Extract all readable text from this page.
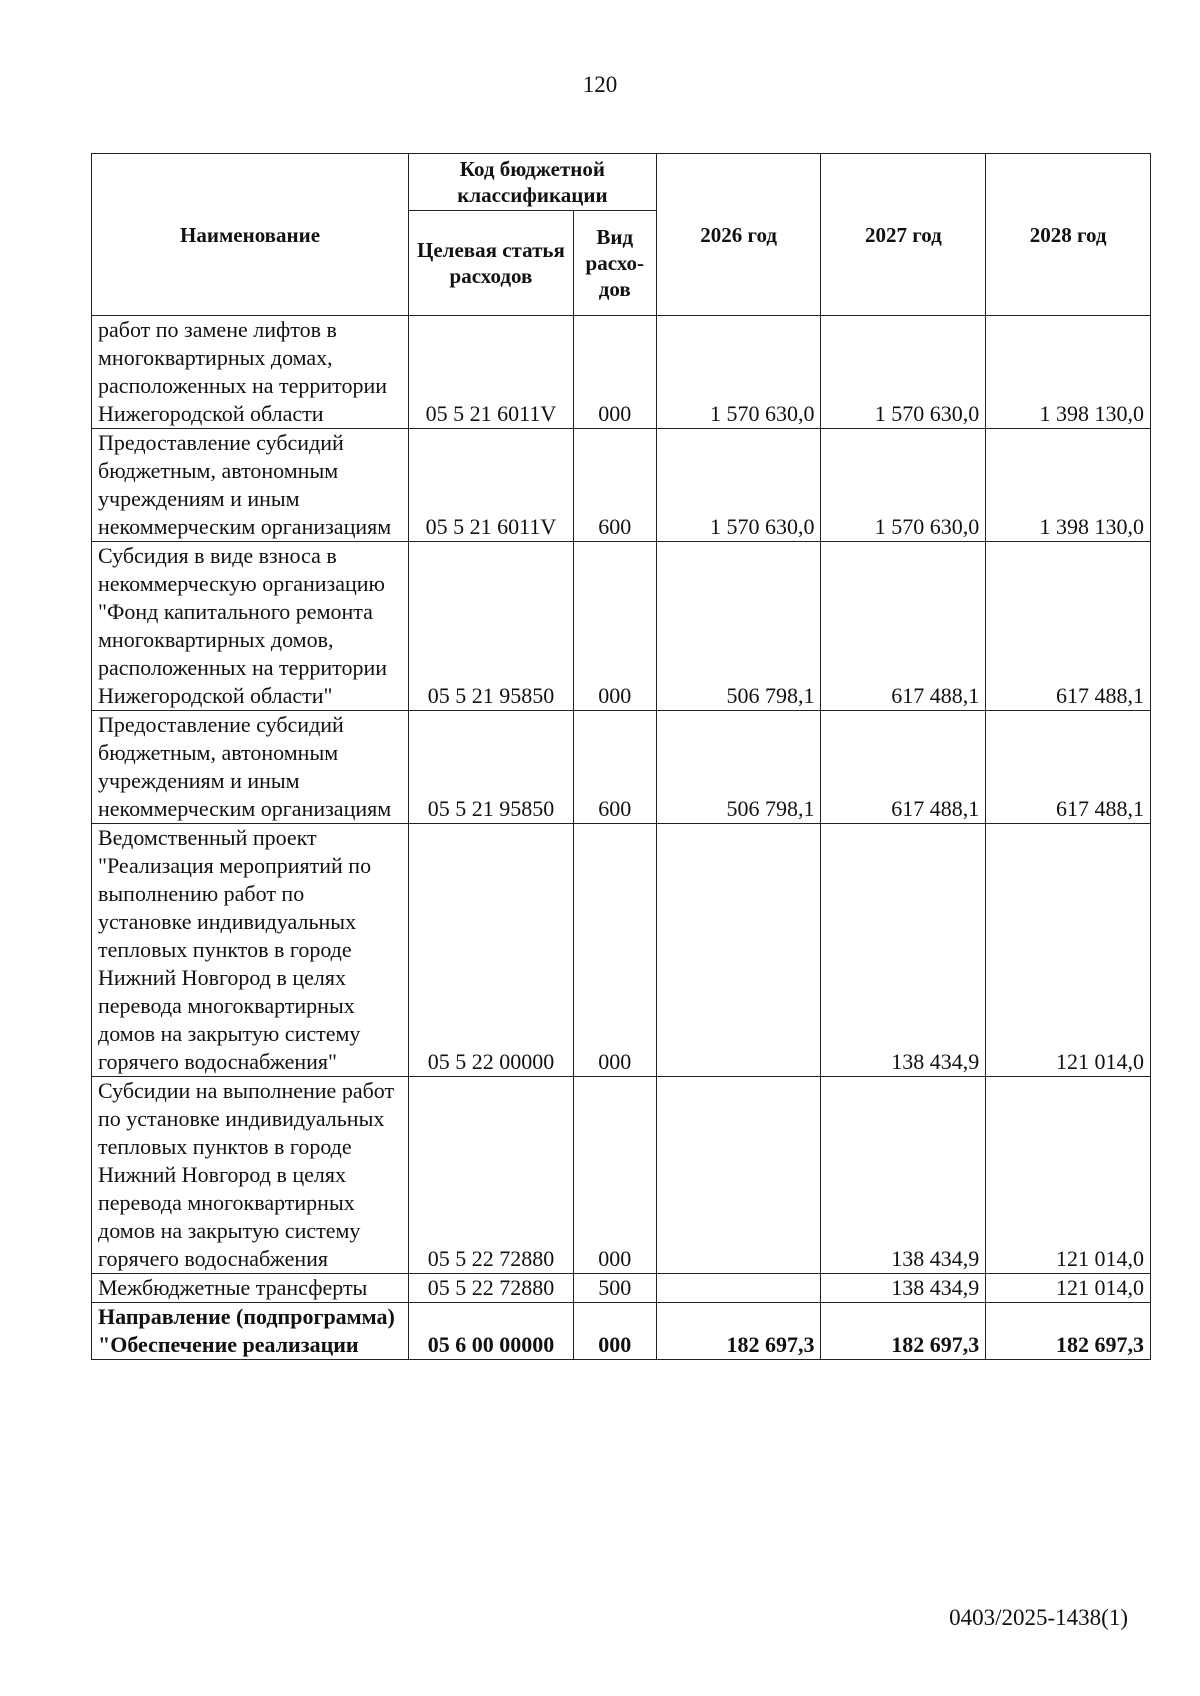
120
Наименование	Код бюджетной классификации		2026 год	2027 год	2028 год
	Целевая статья расходов	Вид расхо-дов			
работ по замене лифтов в многоквартирных домах, расположенных на территории Нижегородской области	05 5 21 6011V	000	1 570 630,0	1 570 630,0	1 398 130,0
Предоставление субсидий бюджетным, автономным учреждениям и иным некоммерческим организациям	05 5 21 6011V	600	1 570 630,0	1 570 630,0	1 398 130,0
Субсидия в виде взноса в некоммерческую организацию "Фонд капитального ремонта многоквартирных домов, расположенных на территории Нижегородской области"	05 5 21 95850	000	506 798,1	617 488,1	617 488,1
Предоставление субсидий бюджетным, автономным учреждениям и иным некоммерческим организациям	05 5 21 95850	600	506 798,1	617 488,1	617 488,1
Ведомственный проект "Реализация мероприятий по выполнению работ по установке индивидуальных тепловых пунктов в городе Нижний Новгород в целях перевода многоквартирных домов на закрытую систему горячего водоснабжения"	05 5 22 00000	000		138 434,9	121 014,0
Субсидии на выполнение работ по установке индивидуальных тепловых пунктов в городе Нижний Новгород в целях перевода многоквартирных домов на закрытую систему горячего водоснабжения	05 5 22 72880	000		138 434,9	121 014,0
Межбюджетные трансферты	05 5 22 72880	500		138 434,9	121 014,0
Направление (подпрограмма) "Обеспечение реализации	05 6 00 00000	000	182 697,3	182 697,3	182 697,3
0403/2025-1438(1)
